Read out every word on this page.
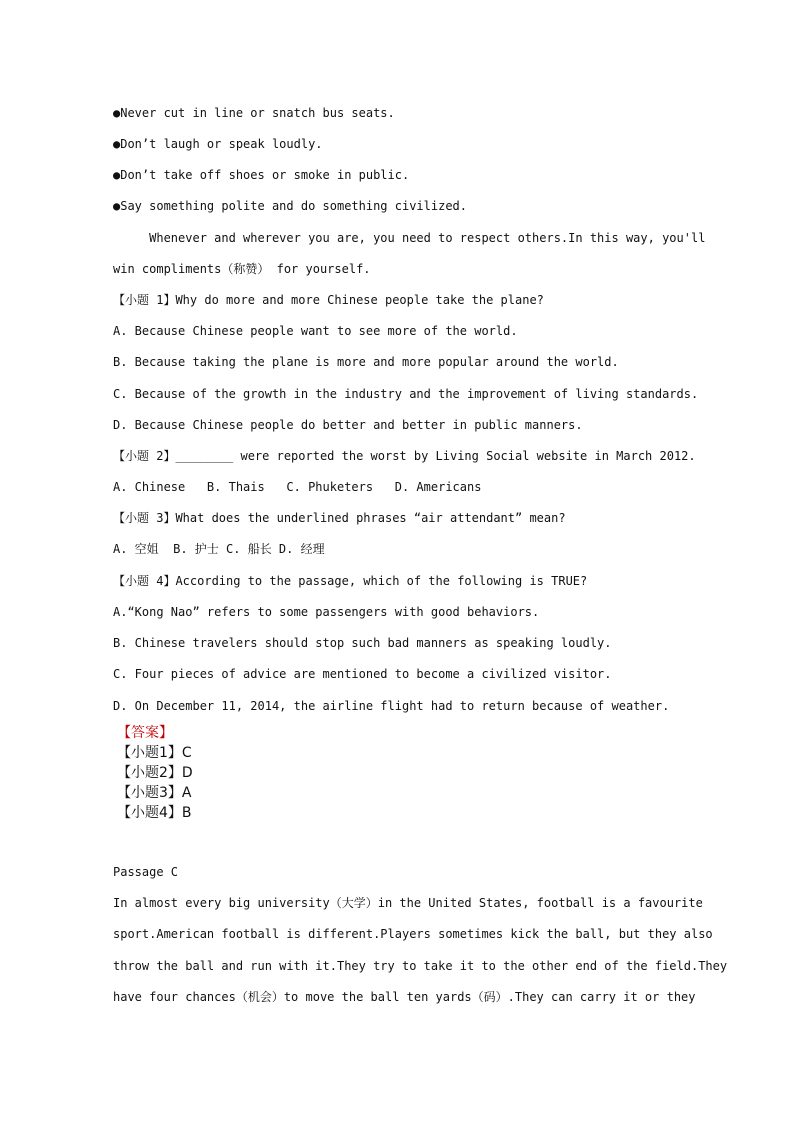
●Never cut in line or snatch bus seats.
●Don’t laugh or speak loudly.
●Don’t take off shoes or smoke in public.
●Say something polite and do something civilized.
Whenever and wherever you are, you need to respect others.In this way, you'll
win compliments（称赞） for yourself.
【小题 1】Why do more and more Chinese people take the plane?
A. Because Chinese people want to see more of the world.
B. Because taking the plane is more and more popular around the world.
C. Because of the growth in the industry and the improvement of living standards.
D. Because Chinese people do better and better in public manners.
【小题 2】________ were reported the worst by Living Social website in March 2012.
A. Chinese   B. Thais   C. Phuketers   D. Americans
【小题 3】What does the underlined phrases “air attendant” mean?
A. 空姐  B. 护士 C. 船长 D. 经理
【小题 4】According to the passage, which of the following is TRUE?
A.“Kong Nao” refers to some passengers with good behaviors.
B. Chinese travelers should stop such bad manners as speaking loudly.
C. Four pieces of advice are mentioned to become a civilized visitor.
D. On December 11, 2014, the airline flight had to return because of weather.
【答案】
【小题1】C
【小题2】D
【小题3】A
【小题4】B
Passage C
In almost every big university（大学）in the United States, football is a favourite
sport.American football is different.Players sometimes kick the ball, but they also
throw the ball and run with it.They try to take it to the other end of the field.They
have four chances（机会）to move the ball ten yards（码）.They can carry it or they
